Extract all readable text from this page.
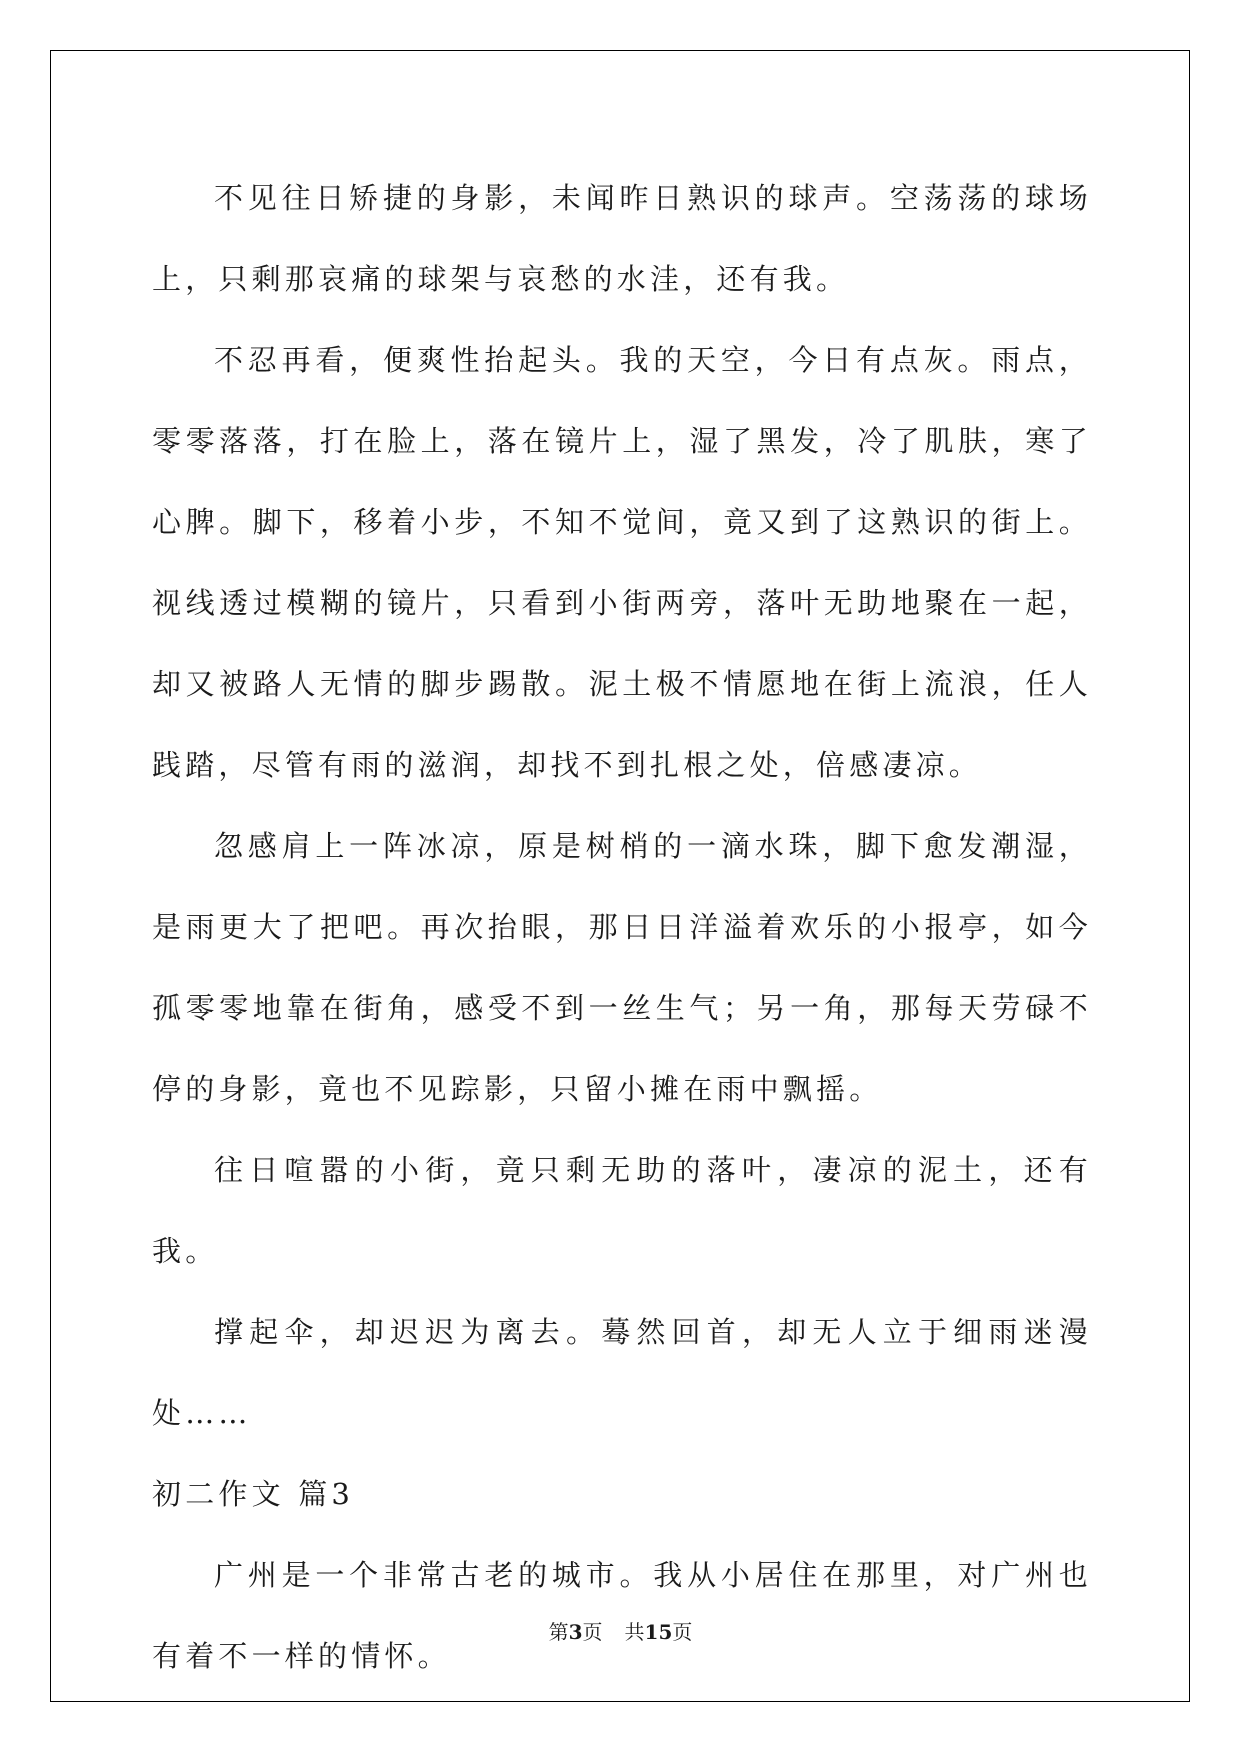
不见往日矫捷的身影，未闻昨日熟识的球声。空荡荡的球场上，只剩那哀痛的球架与哀愁的水洼，还有我。

不忍再看，便爽性抬起头。我的天空，今日有点灰。雨点，零零落落，打在脸上，落在镜片上，湿了黑发，冷了肌肤，寒了心脾。脚下，移着小步，不知不觉间，竟又到了这熟识的街上。视线透过模糊的镜片，只看到小街两旁，落叶无助地聚在一起，却又被路人无情的脚步踢散。泥土极不情愿地在街上流浪，任人践踏，尽管有雨的滋润，却找不到扎根之处，倍感凄凉。

忽感肩上一阵冰凉，原是树梢的一滴水珠，脚下愈发潮湿，是雨更大了把吧。再次抬眼，那日日洋溢着欢乐的小报亭，如今孤零零地靠在街角，感受不到一丝生气；另一角，那每天劳碌不停的身影，竟也不见踪影，只留小摊在雨中飘摇。

往日喧嚣的小街，竟只剩无助的落叶，凄凉的泥土，还有我。

撑起伞，却迟迟为离去。蓦然回首，却无人立于细雨迷漫处……

初二作文 篇3

广州是一个非常古老的城市。我从小居住在那里，对广州也有着不一样的情怀。

第3页 共15页
